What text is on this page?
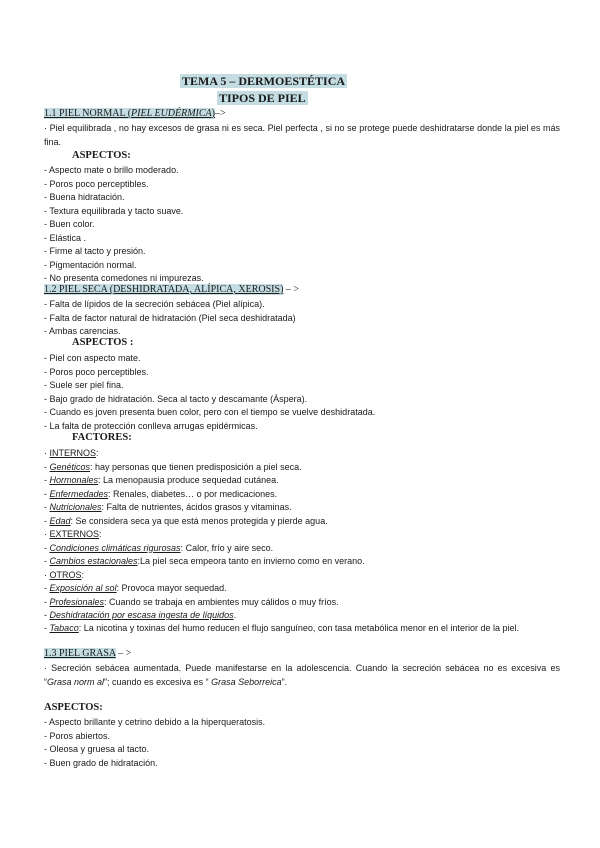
TEMA 5 – DERMOESTÉTICA
TIPOS DE PIEL
1.1 PIEL NORMAL (PIEL EUDÉRMICA)–>
· Piel equilibrada , no hay excesos de grasa ni es seca. Piel perfecta , si no se protege puede deshidratarse donde la piel es más fina.
ASPECTOS:
- Aspecto mate o brillo moderado.
- Poros poco perceptibles.
- Buena hidratación.
- Textura equilibrada y tacto suave.
- Buen color.
- Elástica .
- Firme al tacto y presión.
- Pigmentación normal.
- No presenta comedones ni impurezas.
1.2 PIEL SECA (DESHIDRATADA, ALÍPICA, XEROSIS) – >
- Falta de lípidos de la secreción sebácea (Piel alípica).
- Falta de factor natural de hidratación (Piel seca deshidratada)
- Ambas carencias.
ASPECTOS :
- Piel con aspecto mate.
- Poros poco perceptibles.
- Suele ser piel fina.
- Bajo grado de hidratación. Seca al tacto y descamante (Áspera).
- Cuando es joven presenta buen color, pero con el tiempo se vuelve deshidratada.
- La falta de protección conlleva arrugas epidérmicas.
FACTORES:
· INTERNOS:
- Genéticos: hay personas que tienen predisposición a piel seca.
- Hormonales: La menopausia produce sequedad cutánea.
- Enfermedades: Renales, diabetes… o por medicaciones.
- Nutricionales: Falta de nutrientes, ácidos grasos y vitaminas.
- Edad: Se considera seca ya que está menos protegida y pierde agua.
· EXTERNOS:
- Condiciones climáticas rigurosas: Calor, frío y aire seco.
- Cambios estacionales:La piel seca empeora tanto en invierno como en verano.
· OTROS:
- Exposición al sol: Provoca mayor sequedad.
- Profesionales: Cuando se trabaja en ambientes muy cálidos o muy fríos.
- Deshidratación por escasa ingesta de líquidos.
- Tabaco: La nicotina y toxinas del humo reducen el flujo sanguíneo, con tasa metabólica menor en el interior de la piel.
1.3 PIEL GRASA – >
· Secreción sebácea aumentada. Puede manifestarse en la adolescencia. Cuando la secreción sebácea no es excesiva es “Grasa norm al”; cuando es excesiva es “ Grasa Seborreica”.
ASPECTOS:
- Aspecto brillante y cetrino debido a la hiperqueratosis.
- Poros abiertos.
- Oleosa y gruesa al tacto.
- Buen grado de hidratación.
